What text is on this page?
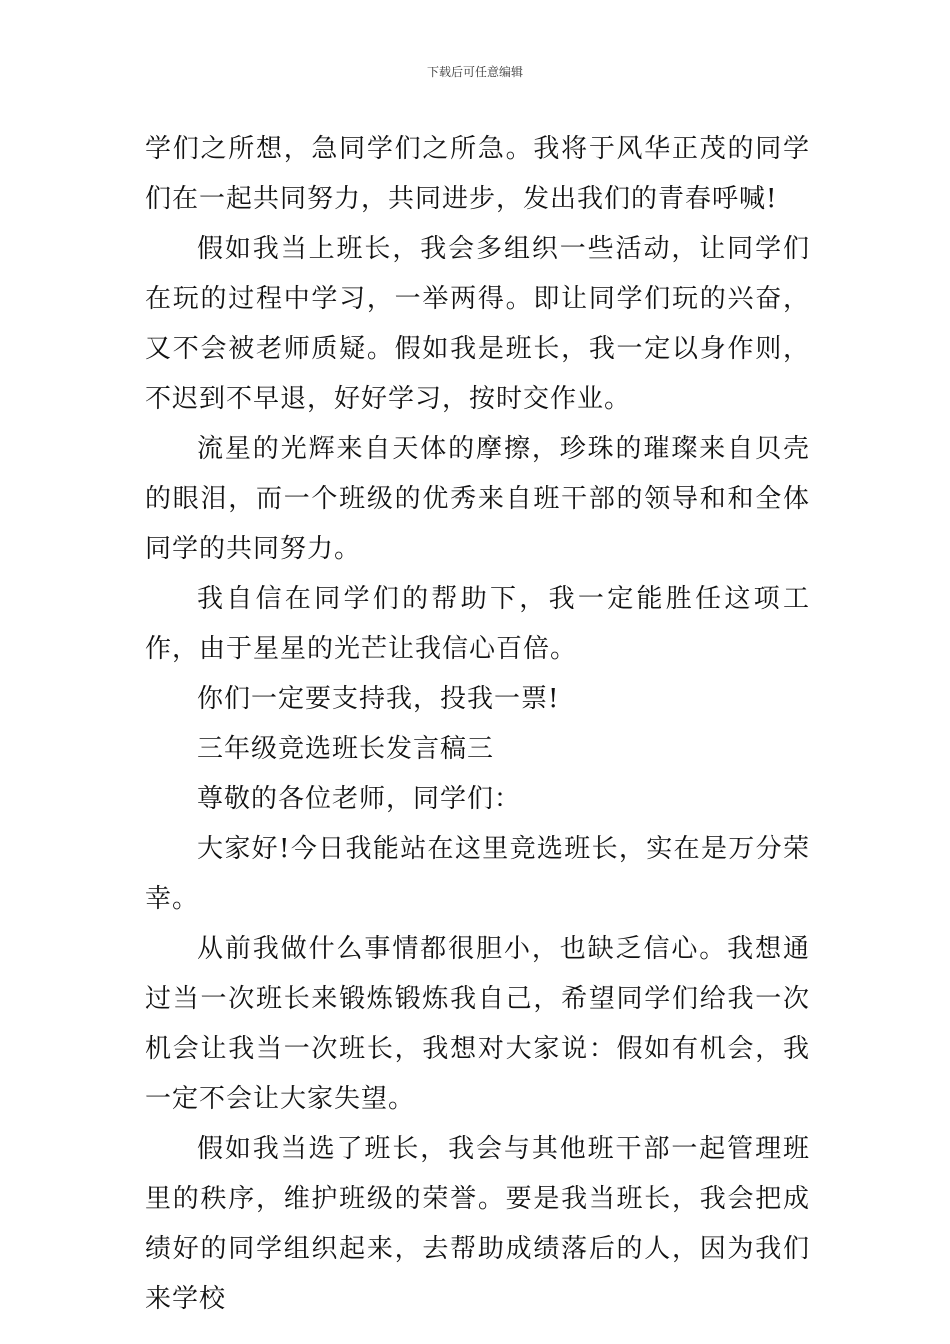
下载后可任意编辑

学们之所想，急同学们之所急。我将于风华正茂的同学们在一起共同努力，共同进步，发出我们的青春呼喊!

假如我当上班长，我会多组织一些活动，让同学们在玩的过程中学习，一举两得。即让同学们玩的兴奋，又不会被老师质疑。假如我是班长，我一定以身作则，不迟到不早退，好好学习，按时交作业。

流星的光辉来自天体的摩擦，珍珠的璀璨来自贝壳的眼泪，而一个班级的优秀来自班干部的领导和和全体同学的共同努力。

我自信在同学们的帮助下，我一定能胜任这项工作，由于星星的光芒让我信心百倍。

你们一定要支持我，投我一票!

三年级竞选班长发言稿三

尊敬的各位老师，同学们：

大家好!今日我能站在这里竞选班长，实在是万分荣幸。

从前我做什么事情都很胆小，也缺乏信心。我想通过当一次班长来锻炼锻炼我自己，希望同学们给我一次机会让我当一次班长，我想对大家说：假如有机会，我一定不会让大家失望。

假如我当选了班长，我会与其他班干部一起管理班里的秩序，维护班级的荣誉。要是我当班长，我会把成绩好的同学组织起来，去帮助成绩落后的人，因为我们来学校
